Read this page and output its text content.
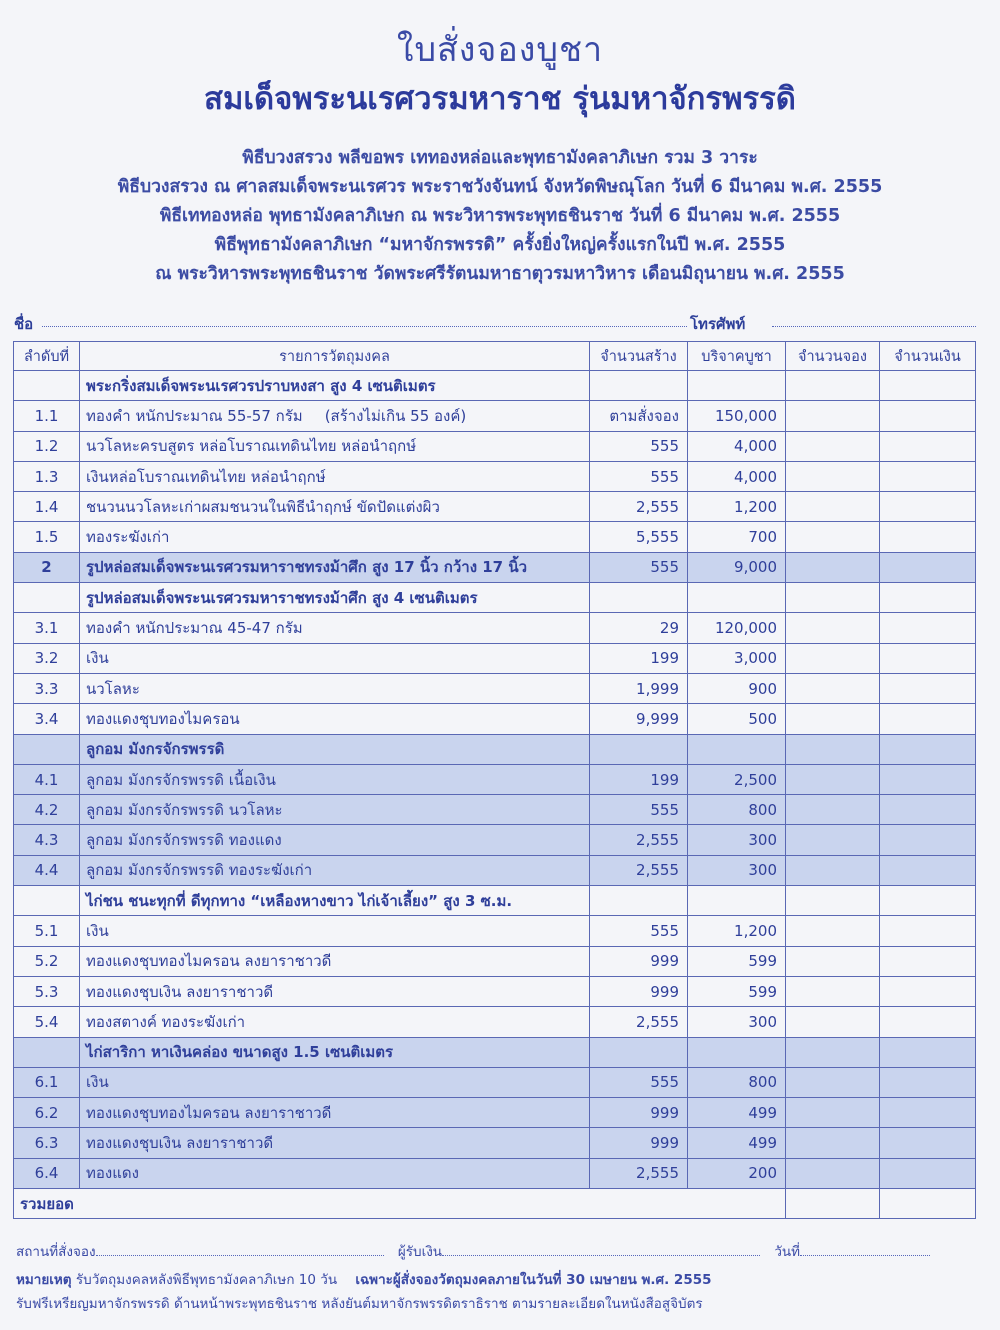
ใบสั่งจองบูชา
สมเด็จพระนเรศวรมหาราช รุ่นมหาจักรพรรดิ
พิธีบวงสรวง พลีขอพร เททองหล่อและพุทธามังคลาภิเษก รวม 3 วาระ
พิธีบวงสรวง ณ ศาลสมเด็จพระนเรศวร พระราชวังจันทน์ จังหวัดพิษณุโลก วันที่ 6 มีนาคม พ.ศ. 2555
พิธีเททองหล่อ พุทธามังคลาภิเษก ณ พระวิหารพระพุทธชินราช วันที่ 6 มีนาคม พ.ศ. 2555
พิธีพุทธามังคลาภิเษก “มหาจักรพรรดิ” ครั้งยิ่งใหญ่ครั้งแรกในปี พ.ศ. 2555
ณ พระวิหารพระพุทธชินราช วัดพระศรีรัตนมหาธาตุวรมหาวิหาร เดือนมิถุนายน พ.ศ. 2555
ชื่อ	โทรศัพท์
ลำดับที่	รายการวัตถุมงคล	จำนวนสร้าง	บริจาคบูชา	จำนวนจอง	จำนวนเงิน
	พระกริ่งสมเด็จพระนเรศวรปราบหงสา สูง 4 เซนติเมตร				
1.1	ทองคำ หนักประมาณ 55-57 กรัม (สร้างไม่เกิน 55 องค์)	ตามสั่งจอง	150,000		
1.2	นวโลหะครบสูตร หล่อโบราณเทดินไทย หล่อนำฤกษ์	555	4,000		
1.3	เงินหล่อโบราณเทดินไทย หล่อนำฤกษ์	555	4,000		
1.4	ชนวนนวโลหะเก่าผสมชนวนในพิธีนำฤกษ์ ขัดปัดแต่งผิว	2,555	1,200		
1.5	ทองระฆังเก่า	5,555	700		
2	รูปหล่อสมเด็จพระนเรศวรมหาราชทรงม้าศึก สูง 17 นิ้ว กว้าง 17 นิ้ว	555	9,000		
	รูปหล่อสมเด็จพระนเรศวรมหาราชทรงม้าศึก สูง 4 เซนติเมตร				
3.1	ทองคำ หนักประมาณ 45-47 กรัม	29	120,000		
3.2	เงิน	199	3,000		
3.3	นวโลหะ	1,999	900		
3.4	ทองแดงชุบทองไมครอน	9,999	500		
	ลูกอม มังกรจักรพรรดิ				
4.1	ลูกอม มังกรจักรพรรดิ เนื้อเงิน	199	2,500		
4.2	ลูกอม มังกรจักรพรรดิ นวโลหะ	555	800		
4.3	ลูกอม มังกรจักรพรรดิ ทองแดง	2,555	300		
4.4	ลูกอม มังกรจักรพรรดิ ทองระฆังเก่า	2,555	300		
	ไก่ชน ชนะทุกที่ ดีทุกทาง “เหลืองหางขาว ไก่เจ้าเลี้ยง” สูง 3 ซ.ม.				
5.1	เงิน	555	1,200		
5.2	ทองแดงชุบทองไมครอน ลงยาราชาวดี	999	599		
5.3	ทองแดงชุบเงิน ลงยาราชาวดี	999	599		
5.4	ทองสตางค์ ทองระฆังเก่า	2,555	300		
	ไก่สาริกา หาเงินคล่อง ขนาดสูง 1.5 เซนติเมตร				
6.1	เงิน	555	800		
6.2	ทองแดงชุบทองไมครอน ลงยาราชาวดี	999	499		
6.3	ทองแดงชุบเงิน ลงยาราชาวดี	999	499		
6.4	ทองแดง	2,555	200		
รวมยอด					
สถานที่สั่งจอง	ผู้รับเงิน	วันที่
หมายเหตุ รับวัตถุมงคลหลังพิธีพุทธามังคลาภิเษก 10 วัน เฉพาะผู้สั่งจองวัตถุมงคลภายในวันที่ 30 เมษายน พ.ศ. 2555
รับฟรีเหรียญมหาจักรพรรดิ ด้านหน้าพระพุทธชินราช หลังยันต์มหาจักรพรรดิตราธิราช ตามรายละเอียดในหนังสือสูจิบัตร
